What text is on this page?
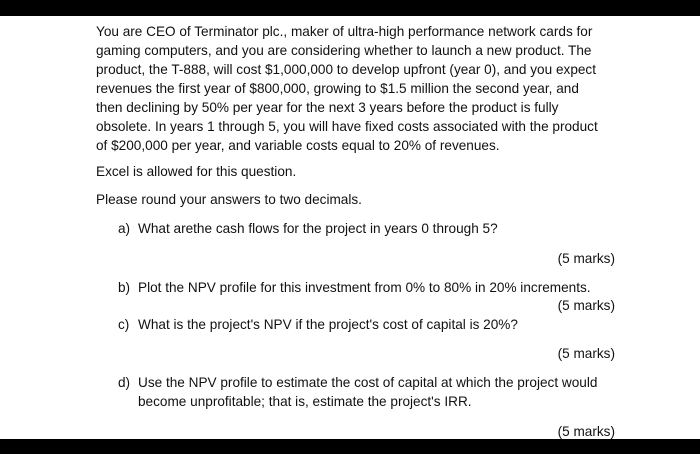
You are CEO of Terminator plc., maker of ultra-high performance network cards for
gaming computers, and you are considering whether to launch a new product. The
product, the T-888, will cost $1,000,000 to develop upfront (year 0), and you expect
revenues the first year of $800,000, growing to $1.5 million the second year, and
then declining by 50% per year for the next 3 years before the product is fully
obsolete. In years 1 through 5, you will have fixed costs associated with the product
of $200,000 per year, and variable costs equal to 20% of revenues.
Excel is allowed for this question.
Please round your answers to two decimals.
a) What arethe cash flows for the project in years 0 through 5?
(5 marks)
b) Plot the NPV profile for this investment from 0% to 80% in 20% increments.
(5 marks)
c) What is the project's NPV if the project's cost of capital is 20%?
(5 marks)
d) Use the NPV profile to estimate the cost of capital at which the project would
become unprofitable; that is, estimate the project's IRR.
(5 marks)
